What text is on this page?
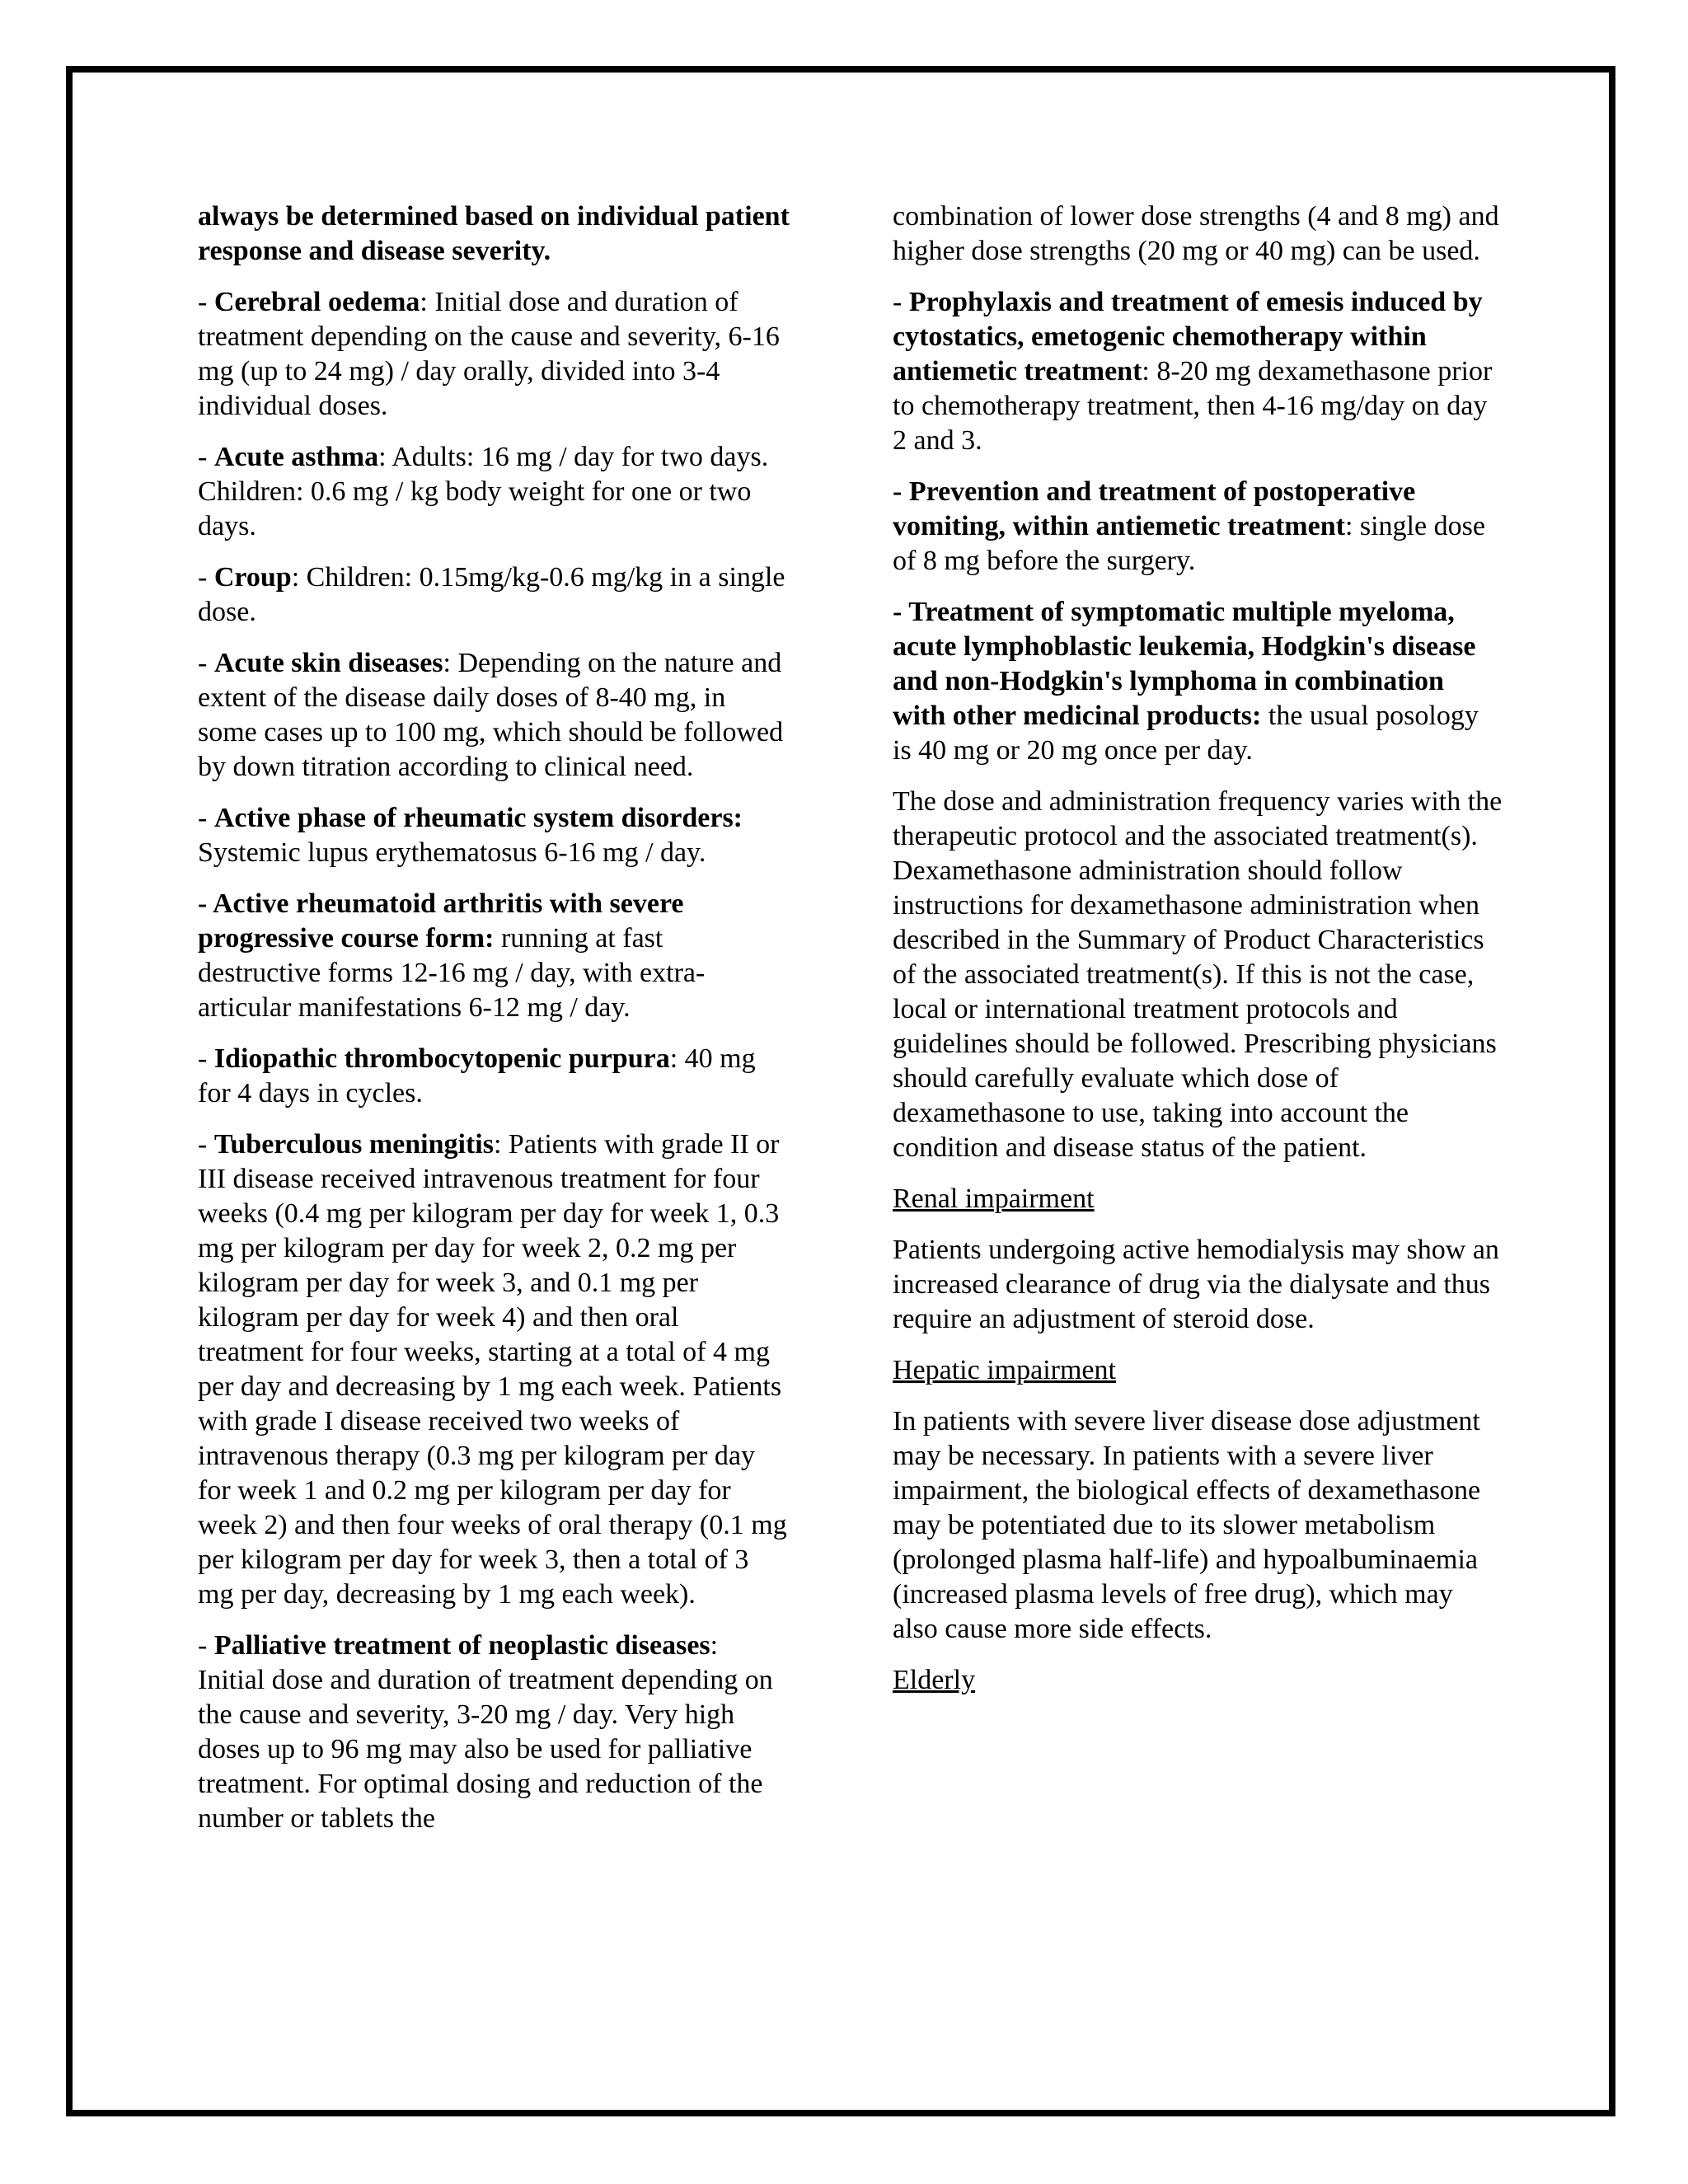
always be determined based on individual patient response and disease severity.

- Cerebral oedema: Initial dose and duration of treatment depending on the cause and severity, 6-16 mg (up to 24 mg) / day orally, divided into 3-4 individual doses.

- Acute asthma: Adults: 16 mg / day for two days. Children: 0.6 mg / kg body weight for one or two days.

- Croup: Children: 0.15mg/kg-0.6 mg/kg in a single dose.

- Acute skin diseases: Depending on the nature and extent of the disease daily doses of 8-40 mg, in some cases up to 100 mg, which should be followed by down titration according to clinical need.

- Active phase of rheumatic system disorders: Systemic lupus erythematosus 6-16 mg / day.

- Active rheumatoid arthritis with severe progressive course form: running at fast destructive forms 12-16 mg / day, with extra-articular manifestations 6-12 mg / day.

- Idiopathic thrombocytopenic purpura: 40 mg for 4 days in cycles.

- Tuberculous meningitis: Patients with grade II or III disease received intravenous treatment for four weeks (0.4 mg per kilogram per day for week 1, 0.3 mg per kilogram per day for week 2, 0.2 mg per kilogram per day for week 3, and 0.1 mg per kilogram per day for week 4) and then oral treatment for four weeks, starting at a total of 4 mg per day and decreasing by 1 mg each week. Patients with grade I disease received two weeks of intravenous therapy (0.3 mg per kilogram per day for week 1 and 0.2 mg per kilogram per day for week 2) and then four weeks of oral therapy (0.1 mg per kilogram per day for week 3, then a total of 3 mg per day, decreasing by 1 mg each week).

- Palliative treatment of neoplastic diseases: Initial dose and duration of treatment depending on the cause and severity, 3-20 mg / day. Very high doses up to 96 mg may also be used for palliative treatment. For optimal dosing and reduction of the number or tablets the

combination of lower dose strengths (4 and 8 mg) and higher dose strengths (20 mg or 40 mg) can be used.

- Prophylaxis and treatment of emesis induced by cytostatics, emetogenic chemotherapy within antiemetic treatment: 8-20 mg dexamethasone prior to chemotherapy treatment, then 4-16 mg/day on day 2 and 3.

- Prevention and treatment of postoperative vomiting, within antiemetic treatment: single dose of 8 mg before the surgery.

- Treatment of symptomatic multiple myeloma, acute lymphoblastic leukemia, Hodgkin's disease and non-Hodgkin's lymphoma in combination with other medicinal products: the usual posology is 40 mg or 20 mg once per day.

The dose and administration frequency varies with the therapeutic protocol and the associated treatment(s). Dexamethasone administration should follow instructions for dexamethasone administration when described in the Summary of Product Characteristics of the associated treatment(s). If this is not the case, local or international treatment protocols and guidelines should be followed. Prescribing physicians should carefully evaluate which dose of dexamethasone to use, taking into account the condition and disease status of the patient.

Renal impairment

Patients undergoing active hemodialysis may show an increased clearance of drug via the dialysate and thus require an adjustment of steroid dose.

Hepatic impairment

In patients with severe liver disease dose adjustment may be necessary. In patients with a severe liver impairment, the biological effects of dexamethasone may be potentiated due to its slower metabolism (prolonged plasma half-life) and hypoalbuminaemia (increased plasma levels of free drug), which may also cause more side effects.

Elderly
